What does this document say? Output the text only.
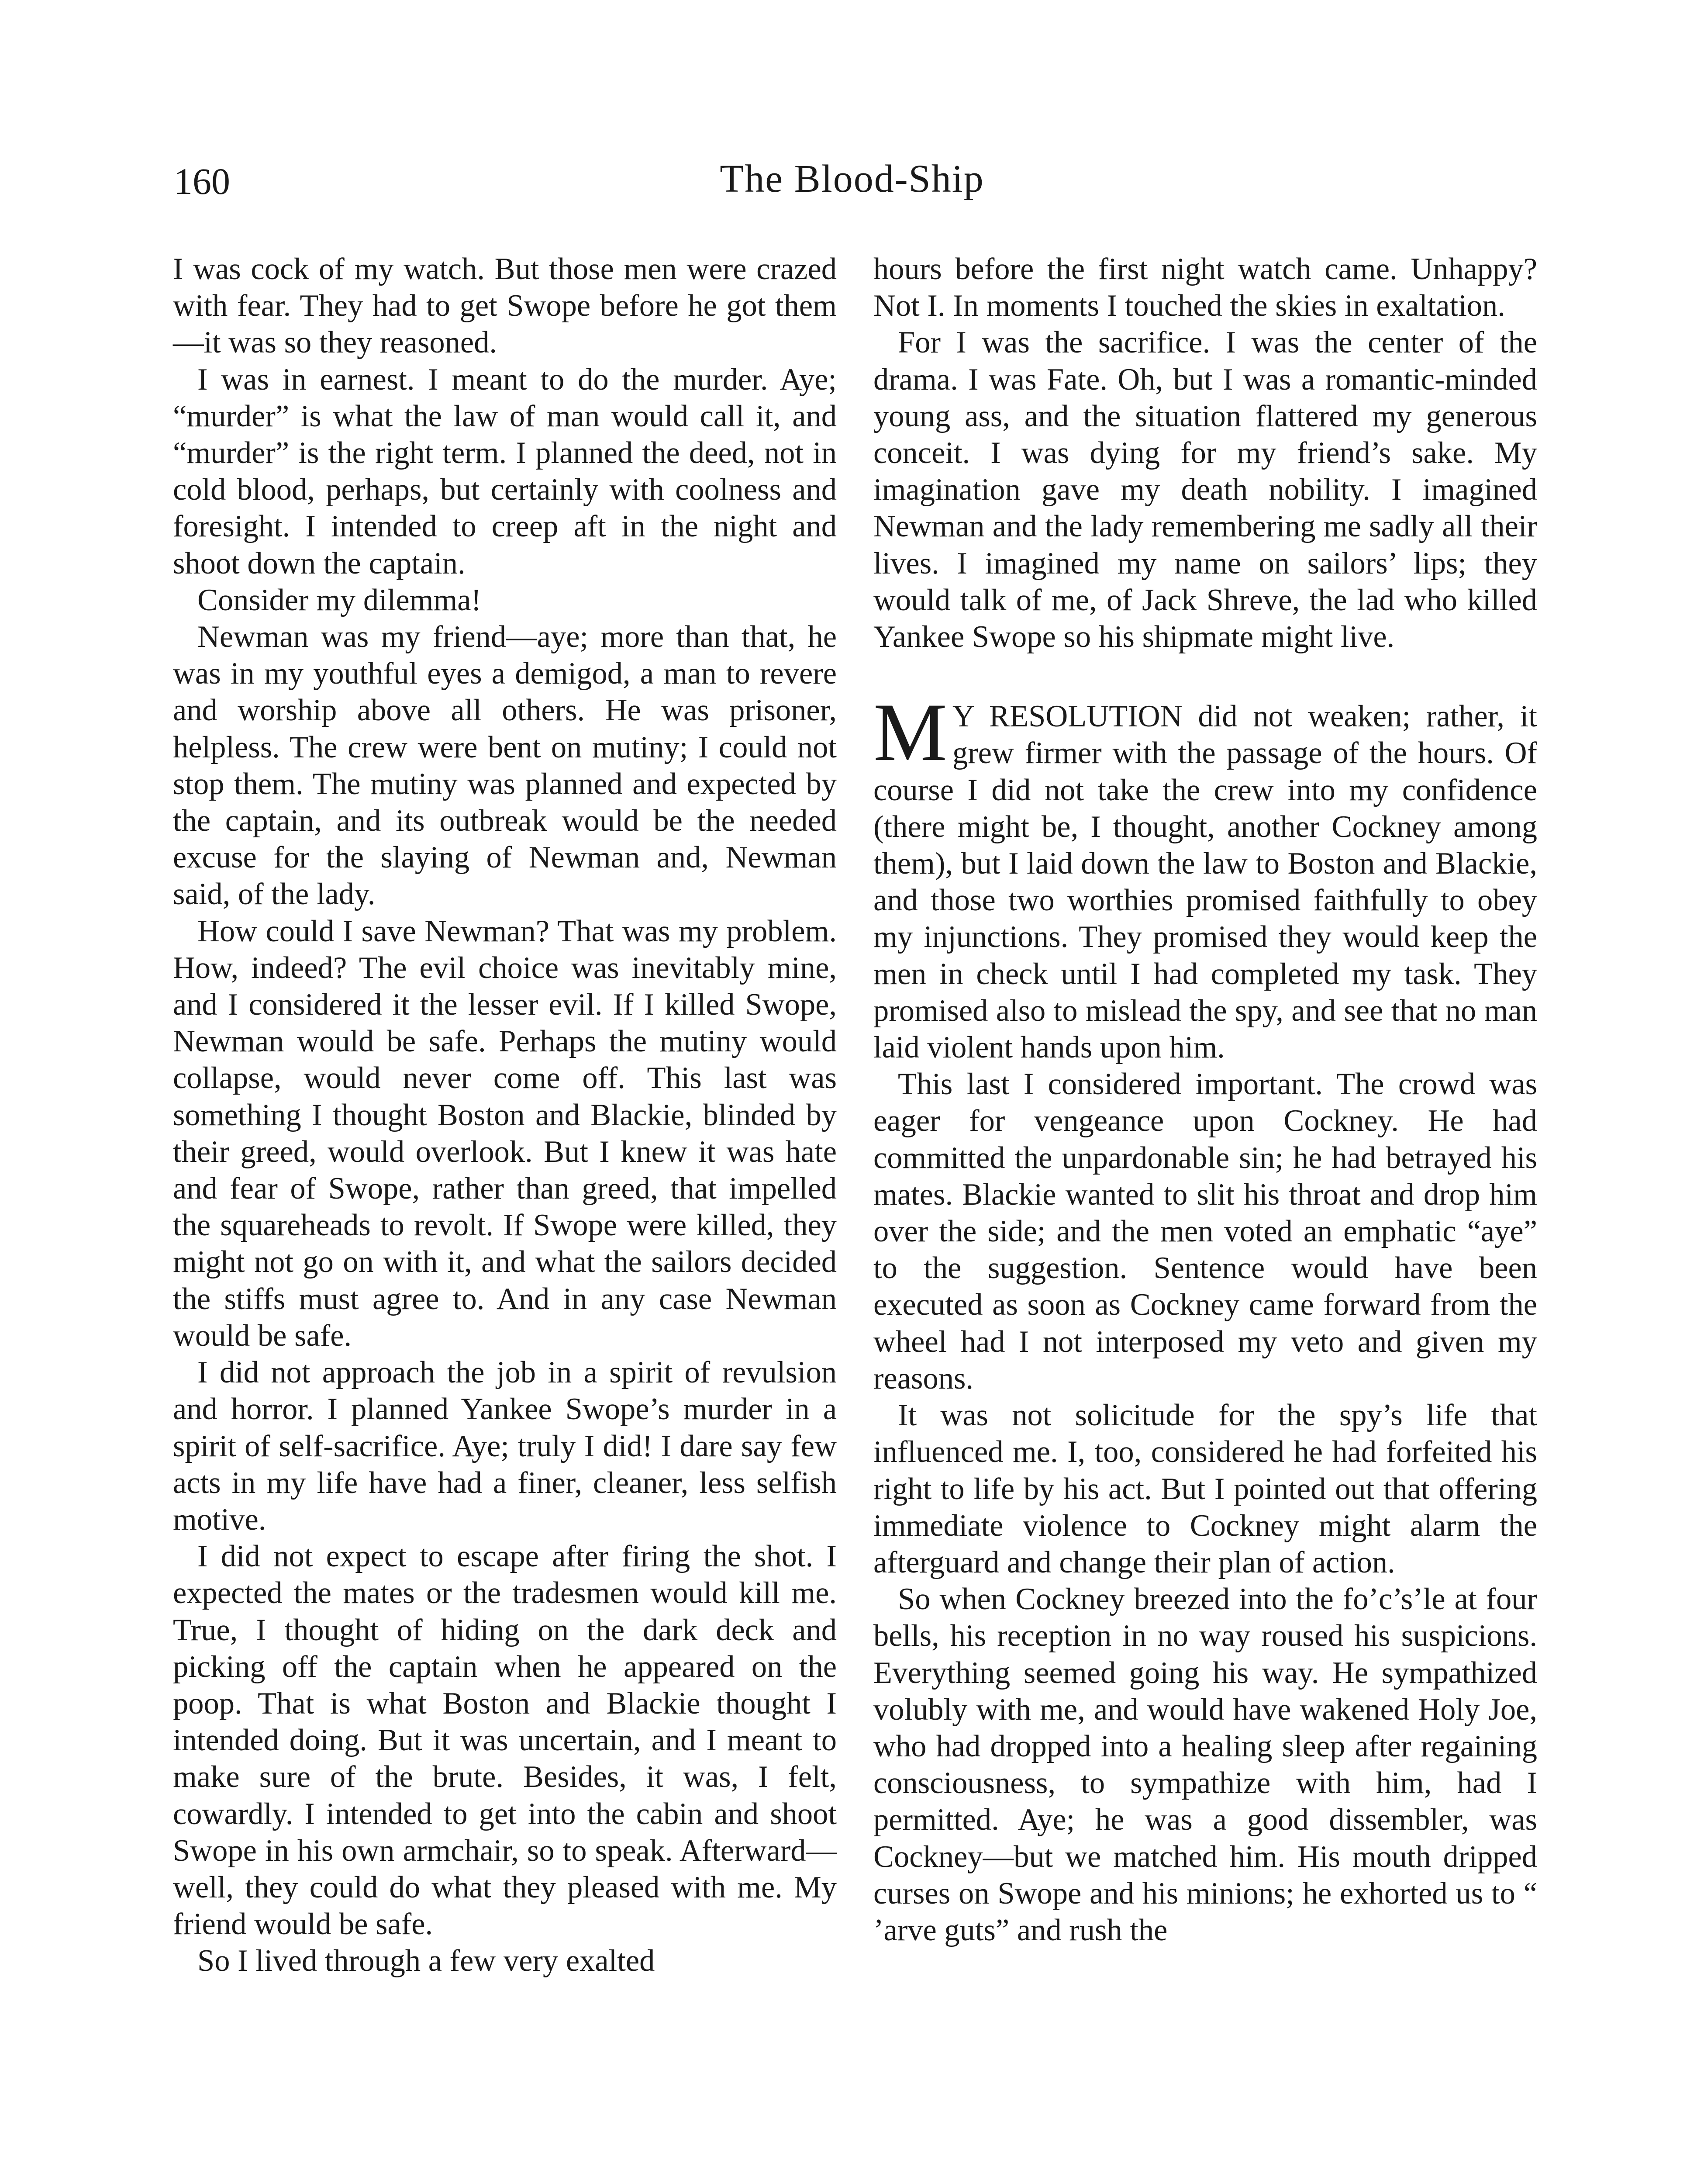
160	The Blood-Ship

I was cock of my watch. But those men were crazed with fear. They had to get Swope before he got them—it was so they reasoned.

I was in earnest. I meant to do the murder. Aye; “murder” is what the law of man would call it, and “murder” is the right term. I planned the deed, not in cold blood, perhaps, but certainly with coolness and foresight. I intended to creep aft in the night and shoot down the captain.

Consider my dilemma!

Newman was my friend—aye; more than that, he was in my youthful eyes a demigod, a man to revere and worship above all others. He was prisoner, helpless. The crew were bent on mutiny; I could not stop them. The mutiny was planned and expected by the captain, and its outbreak would be the needed excuse for the slaying of Newman and, Newman said, of the lady.

How could I save Newman? That was my problem. How, indeed? The evil choice was inevitably mine, and I considered it the lesser evil. If I killed Swope, Newman would be safe. Perhaps the mutiny would collapse, would never come off. This last was something I thought Boston and Blackie, blinded by their greed, would overlook. But I knew it was hate and fear of Swope, rather than greed, that impelled the squareheads to revolt. If Swope were killed, they might not go on with it, and what the sailors decided the stiffs must agree to. And in any case Newman would be safe.

I did not approach the job in a spirit of revulsion and horror. I planned Yankee Swope’s murder in a spirit of self-sacrifice. Aye; truly I did! I dare say few acts in my life have had a finer, cleaner, less selfish motive.

I did not expect to escape after firing the shot. I expected the mates or the tradesmen would kill me. True, I thought of hiding on the dark deck and picking off the captain when he appeared on the poop. That is what Boston and Blackie thought I intended doing. But it was uncertain, and I meant to make sure of the brute. Besides, it was, I felt, cowardly. I intended to get into the cabin and shoot Swope in his own armchair, so to speak. Afterward—well, they could do what they pleased with me. My friend would be safe.

So I lived through a few very exalted

hours before the first night watch came. Unhappy? Not I. In moments I touched the skies in exaltation.

For I was the sacrifice. I was the center of the drama. I was Fate. Oh, but I was a romantic-minded young ass, and the situation flattered my generous conceit. I was dying for my friend’s sake. My imagination gave my death nobility. I imagined Newman and the lady remembering me sadly all their lives. I imagined my name on sailors’ lips; they would talk of me, of Jack Shreve, the lad who killed Yankee Swope so his shipmate might live.

M Y RESOLUTION did not weaken; rather, it grew firmer with the passage of the hours. Of course I did not take the crew into my confidence (there might be, I thought, another Cockney among them), but I laid down the law to Boston and Blackie, and those two worthies promised faithfully to obey my injunctions. They promised they would keep the men in check until I had completed my task. They promised also to mislead the spy, and see that no man laid violent hands upon him.

This last I considered important. The crowd was eager for vengeance upon Cockney. He had committed the unpardonable sin; he had betrayed his mates. Blackie wanted to slit his throat and drop him over the side; and the men voted an emphatic “aye” to the suggestion. Sentence would have been executed as soon as Cockney came forward from the wheel had I not interposed my veto and given my reasons.

It was not solicitude for the spy’s life that influenced me. I, too, considered he had forfeited his right to life by his act. But I pointed out that offering immediate violence to Cockney might alarm the afterguard and change their plan of action.

So when Cockney breezed into the fo’c’s’le at four bells, his reception in no way roused his suspicions. Everything seemed going his way. He sympathized volubly with me, and would have wakened Holy Joe, who had dropped into a healing sleep after regaining consciousness, to sympathize with him, had I permitted. Aye; he was a good dissembler, was Cockney—but we matched him. His mouth dripped curses on Swope and his minions; he exhorted us to “ ’arve guts” and rush the
